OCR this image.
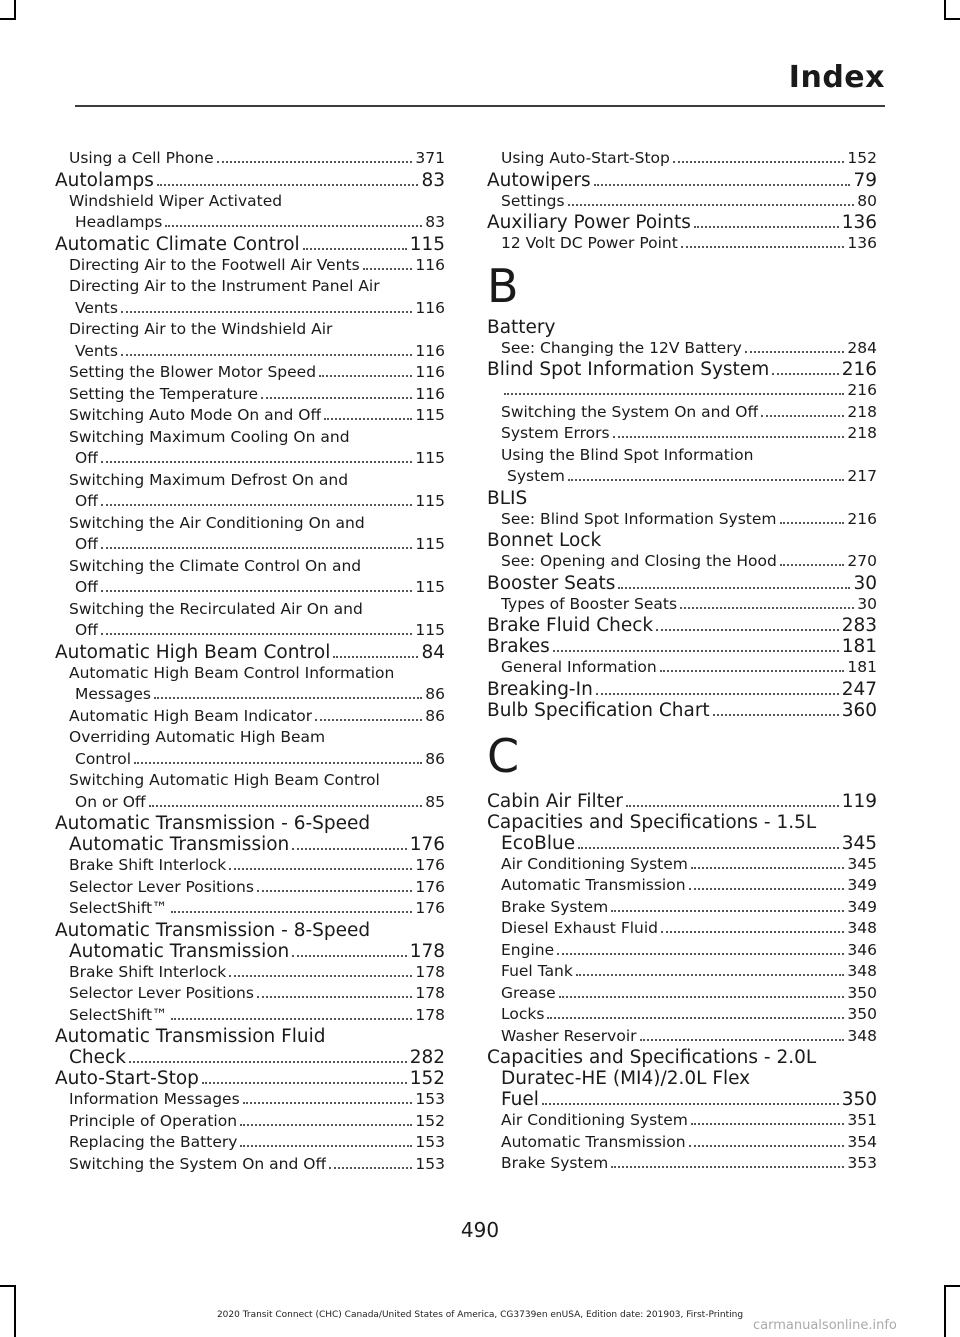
Index
Using a Cell Phone	371
Autolamps	83
Windshield Wiper Activated
Headlamps	83
Automatic Climate Control	115
Directing Air to the Footwell Air Vents	116
Directing Air to the Instrument Panel Air
Vents	116
Directing Air to the Windshield Air
Vents	116
Setting the Blower Motor Speed	116
Setting the Temperature	116
Switching Auto Mode On and Off	115
Switching Maximum Cooling On and
Off	115
Switching Maximum Defrost On and
Off	115
Switching the Air Conditioning On and
Off	115
Switching the Climate Control On and
Off	115
Switching the Recirculated Air On and
Off	115
Automatic High Beam Control	84
Automatic High Beam Control Information
Messages	86
Automatic High Beam Indicator	86
Overriding Automatic High Beam
Control	86
Switching Automatic High Beam Control
On or Off	85
Automatic Transmission - 6-Speed
Automatic Transmission	176
Brake Shift Interlock	176
Selector Lever Positions	176
SelectShift™	176
Automatic Transmission - 8-Speed
Automatic Transmission	178
Brake Shift Interlock	178
Selector Lever Positions	178
SelectShift™	178
Automatic Transmission Fluid
Check	282
Auto-Start-Stop	152
Information Messages	153
Principle of Operation	152
Replacing the Battery	153
Switching the System On and Off	153
Using Auto-Start-Stop	152
Autowipers	79
Settings	80
Auxiliary Power Points	136
12 Volt DC Power Point	136
B
Battery
See: Changing the 12V Battery	284
Blind Spot Information System	216
216
Switching the System On and Off	218
System Errors	218
Using the Blind Spot Information
System	217
BLIS
See: Blind Spot Information System	216
Bonnet Lock
See: Opening and Closing the Hood	270
Booster Seats	30
Types of Booster Seats	30
Brake Fluid Check	283
Brakes	181
General Information	181
Breaking-In	247
Bulb Specification Chart	360
C
Cabin Air Filter	119
Capacities and Specifications - 1.5L
EcoBlue	345
Air Conditioning System	345
Automatic Transmission	349
Brake System	349
Diesel Exhaust Fluid	348
Engine	346
Fuel Tank	348
Grease	350
Locks	350
Washer Reservoir	348
Capacities and Specifications - 2.0L
Duratec-HE (MI4)/2.0L Flex
Fuel	350
Air Conditioning System	351
Automatic Transmission	354
Brake System	353
490
2020 Transit Connect (CHC) Canada/United States of America, CG3739en enUSA, Edition date: 201903, First-Printing
carmanualsonline.info
